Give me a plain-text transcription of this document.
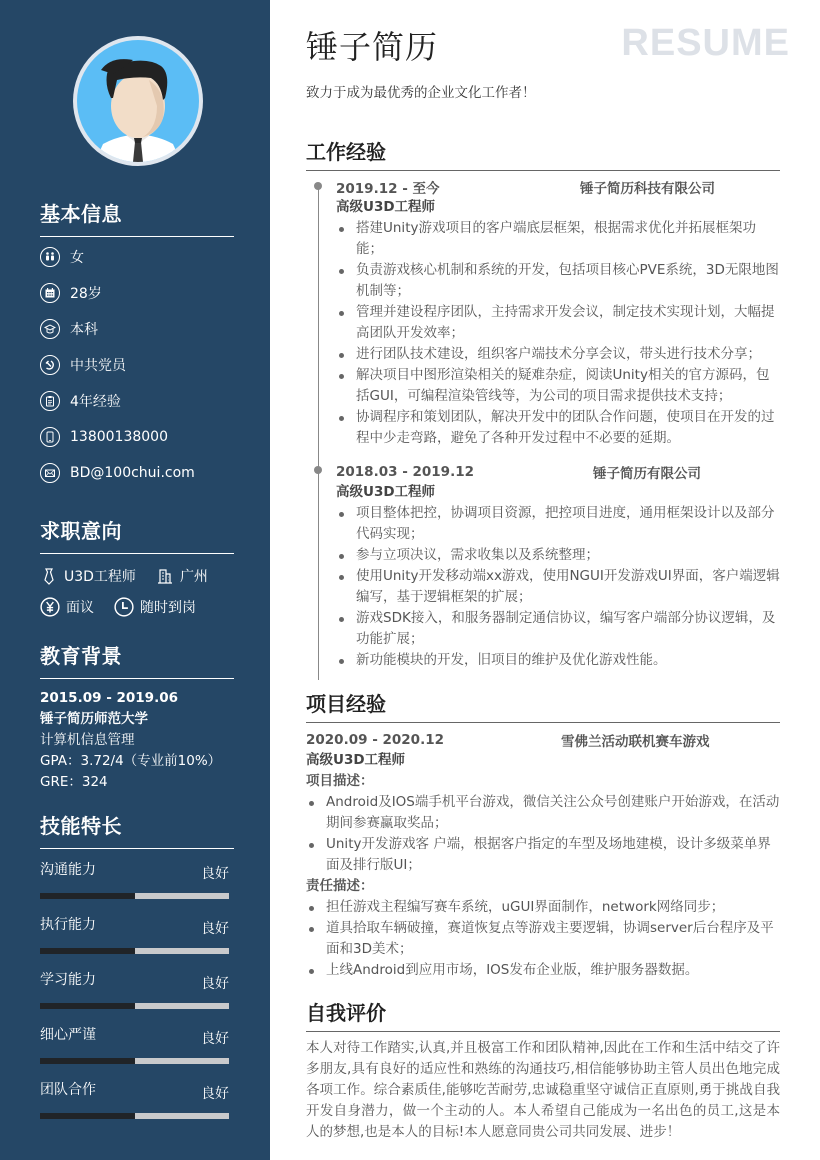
基本信息
女
28岁
本科
中共党员
4年经验
13800138000
BD@100chui.com
求职意向
U3D工程师	广州
面议	随时到岗
教育背景
2015.09 - 2019.06
锤子简历师范大学
计算机信息管理
GPA：3.72/4（专业前10%）
GRE：324
技能特长
沟通能力	良好
执行能力	良好
学习能力	良好
细心严谨	良好
团队合作	良好
锤子简历	RESUME
致力于成为最优秀的企业文化工作者！
工作经验
2019.12 - 至今	锤子简历科技有限公司
高级U3D工程师
搭建Unity游戏项目的客户端底层框架，根据需求优化并拓展框架功能；
负责游戏核心机制和系统的开发，包括项目核心PVE系统，3D无限地图机制等；
管理并建设程序团队，主持需求开发会议，制定技术实现计划，大幅提高团队开发效率；
进行团队技术建设，组织客户端技术分享会议，带头进行技术分享；
解决项目中图形渲染相关的疑难杂症，阅读Unity相关的官方源码，包括GUI，可编程渲染管线等，为公司的项目需求提供技术支持；
协调程序和策划团队，解决开发中的团队合作问题，使项目在开发的过程中少走弯路，避免了各种开发过程中不必要的延期。
2018.03 - 2019.12	锤子简历有限公司
高级U3D工程师
项目整体把控，协调项目资源，把控项目进度，通用框架设计以及部分代码实现；
参与立项决议，需求收集以及系统整理；
使用Unity开发移动端xx游戏，使用NGUI开发游戏UI界面，客户端逻辑编写，基于逻辑框架的扩展；
游戏SDK接入，和服务器制定通信协议，编写客户端部分协议逻辑，及功能扩展；
新功能模块的开发，旧项目的维护及优化游戏性能。
项目经验
2020.09 - 2020.12	雪佛兰活动联机赛车游戏
高级U3D工程师
项目描述：
Android及IOS端手机平台游戏，微信关注公众号创建账户开始游戏，在活动期间参赛赢取奖品；
Unity开发游戏客 户端，根据客户指定的车型及场地建模，设计多级菜单界面及排行版UI；
责任描述：
担任游戏主程编写赛车系统，uGUI界面制作，network网络同步；
道具拾取车辆破撞，赛道恢复点等游戏主要逻辑，协调server后台程序及平面和3D美术；
上线Android到应用市场，IOS发布企业版，维护服务器数据。
自我评价
本人对待工作踏实,认真,并且极富工作和团队精神,因此在工作和生活中结交了许多朋友,具有良好的适应性和熟练的沟通技巧,相信能够协助主管人员出色地完成各项工作。综合素质佳,能够吃苦耐劳,忠诚稳重坚守诚信正直原则,勇于挑战自我开发自身潜力，做一个主动的人。本人希望自己能成为一名出色的员工,这是本人的梦想,也是本人的目标!本人愿意同贵公司共同发展、进步！
